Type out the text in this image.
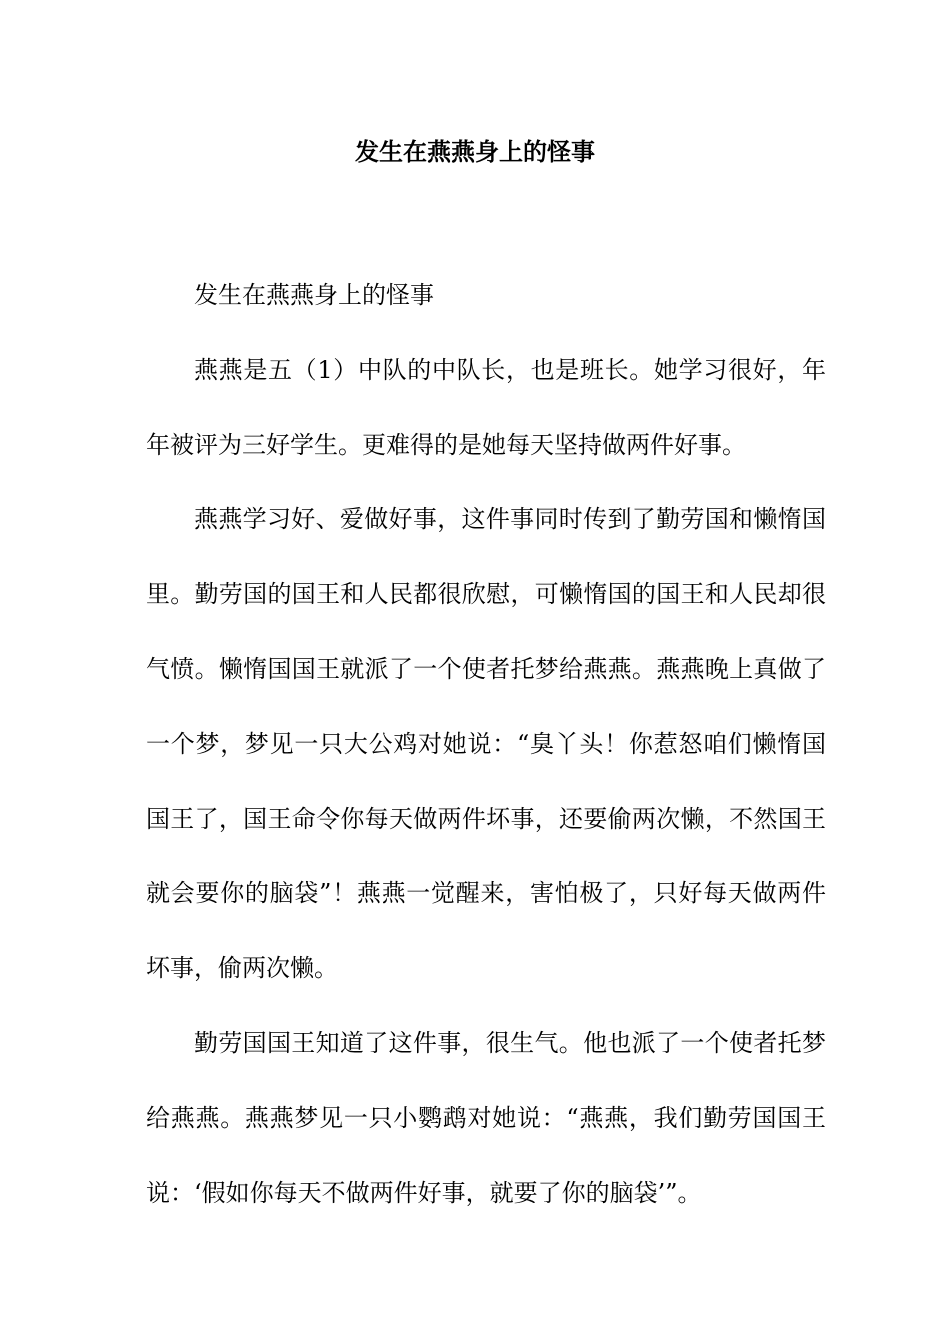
发生在燕燕身上的怪事

发生在燕燕身上的怪事

燕燕是五（1）中队的中队长，也是班长。她学习很好，年年被评为三好学生。更难得的是她每天坚持做两件好事。

燕燕学习好、爱做好事，这件事同时传到了勤劳国和懒惰国里。勤劳国的国王和人民都很欣慰，可懒惰国的国王和人民却很气愤。懒惰国国王就派了一个使者托梦给燕燕。燕燕晚上真做了一个梦，梦见一只大公鸡对她说：“臭丫头！你惹怒咱们懒惰国国王了，国王命令你每天做两件坏事，还要偷两次懒，不然国王就会要你的脑袋”！燕燕一觉醒来，害怕极了，只好每天做两件坏事，偷两次懒。

勤劳国国王知道了这件事，很生气。他也派了一个使者托梦给燕燕。燕燕梦见一只小鹦鹉对她说：“燕燕，我们勤劳国国王说：‘假如你每天不做两件好事，就要了你的脑袋’”。
